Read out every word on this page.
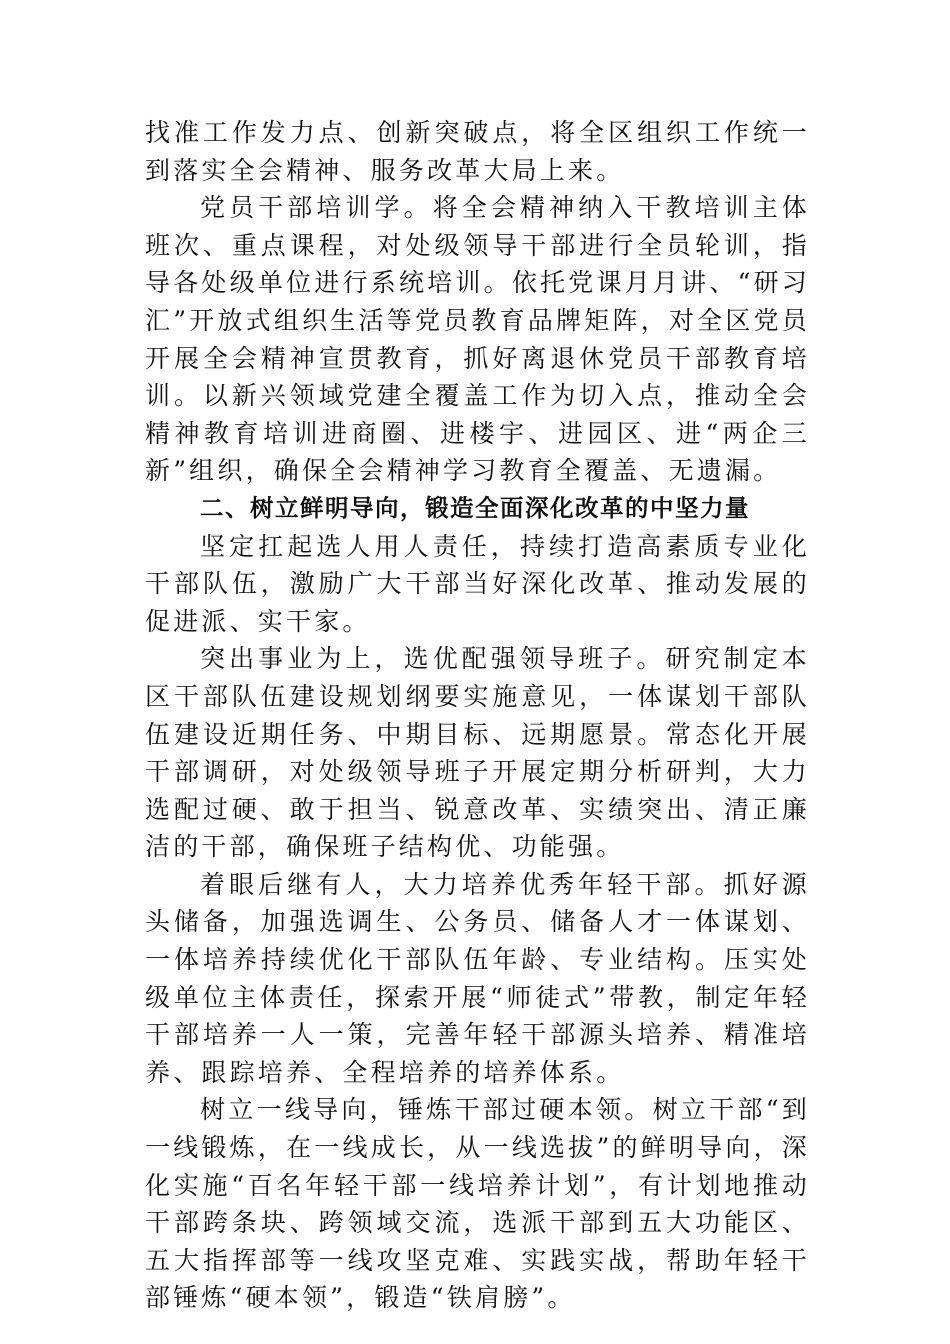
找准工作发力点、创新突破点，将全区组织工作统一到落实全会精神、服务改革大局上来。

党员干部培训学。将全会精神纳入干教培训主体班次、重点课程，对处级领导干部进行全员轮训，指导各处级单位进行系统培训。依托党课月月讲、“研习汇”开放式组织生活等党员教育品牌矩阵，对全区党员开展全会精神宣贯教育，抓好离退休党员干部教育培训。以新兴领域党建全覆盖工作为切入点，推动全会精神教育培训进商圈、进楼宇、进园区、进“两企三新”组织，确保全会精神学习教育全覆盖、无遗漏。

二、树立鲜明导向，锻造全面深化改革的中坚力量

坚定扛起选人用人责任，持续打造高素质专业化干部队伍，激励广大干部当好深化改革、推动发展的促进派、实干家。

突出事业为上，选优配强领导班子。研究制定本区干部队伍建设规划纲要实施意见，一体谋划干部队伍建设近期任务、中期目标、远期愿景。常态化开展干部调研，对处级领导班子开展定期分析研判，大力选配过硬、敢于担当、锐意改革、实绩突出、清正廉洁的干部，确保班子结构优、功能强。

着眼后继有人，大力培养优秀年轻干部。抓好源头储备，加强选调生、公务员、储备人才一体谋划、一体培养持续优化干部队伍年龄、专业结构。压实处级单位主体责任，探索开展“师徒式”带教，制定年轻干部培养一人一策，完善年轻干部源头培养、精准培养、跟踪培养、全程培养的培养体系。

树立一线导向，锤炼干部过硬本领。树立干部“到一线锻炼，在一线成长，从一线选拔”的鲜明导向，深化实施“百名年轻干部一线培养计划”，有计划地推动干部跨条块、跨领域交流，选派干部到五大功能区、五大指挥部等一线攻坚克难、实践实战，帮助年轻干部锤炼“硬本领”，锻造“铁肩膀”。
